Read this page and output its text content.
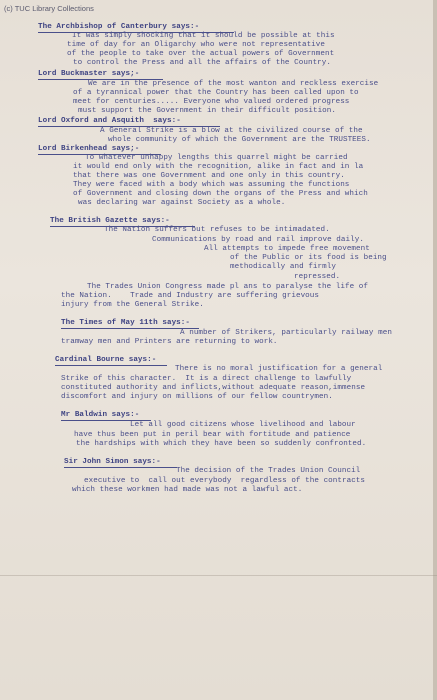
(c) TUC Library Collections
The Archbishop of Canterbury says:-
It was simply shocking that it should be possible at this
time of day for an Oligarchy who were not representative
of the people to take over the actual powers of Government
to control the Press and all the affairs of the Country.
Lord Buckmaster says;-
We are in the presence of the most wanton and reckless exercise
of a tyrannical power that the Country has been called upon to
meet for centuries..... Everyone who valued ordered progress
must support the Government in their difficult position.
Lord Oxford and Asquith  says:-
A General Strike is a blow at the civilized course of the
whole community of which the Government are the TRUSTEES.
Lord Birkenhead says;-
To whatever unhappy lengths this quarrel might be carried
it would end only with the recognition, alike in fact and in la
that there was one Government and one only in this country.
They were faced with a body which was assuming the functions
of Government and closing down the organs of the Press and which
was declaring war against Society as a whole.
The British Gazette says:-
The Nation suffers but refuses to be intimadated.
Communications by road and rail improve daily.
All attempts to impede free movement
of the Public or its food is being
methodically and firmly
repressed.
The Trades Union Congress made pl ans to paralyse the life of
the Nation.    Trade and Industry are suffering grievous
injury from the General Strike.
The Times of May 11th says:-
A number of Strikers, particularly railway men
tramway men and Printers are returning to work.
Cardinal Bourne says:-
There is no moral justification for a general
Strike of this character.  It is a direct challenge to lawfully
constituted authority and inflicts,without adequate reason,immense
discomfort and injury on millions of our fellow countrymen.
Mr Baldwin says:-
Let all good citizens whose livelihood and labour
have thus been put in peril bear with fortitude and patience
the hardships with which they have been so suddenly confronted.
Sir John Simon says:-
The decision of the Trades Union Council
executive to  call out everybody  regardless of the contracts
which these workmen had made was not a lawful act.
